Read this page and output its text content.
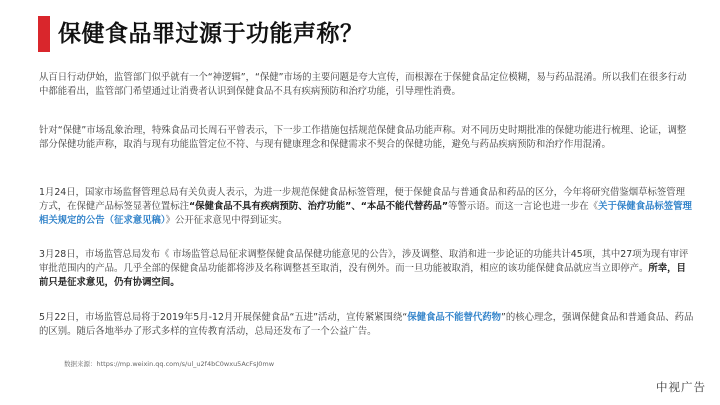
保健食品罪过源于功能声称？

从百日行动伊始，监管部门似乎就有一个“神逻辑”，“保健”市场的主要问题是夸大宣传，而根源在于保健食品定位模糊，易与药品混淆。所以我们在很多行动中都能看出，监管部门希望通过让消费者认识到保健食品不具有疾病预防和治疗功能，引导理性消费。

针对“保健”市场乱象治理，特殊食品司长周石平曾表示，下一步工作措施包括规范保健食品功能声称。对不同历史时期批准的保健功能进行梳理、论证，调整部分保健功能声称，取消与现有功能监管定位不符、与现有健康理念和保健需求不契合的保健功能，避免与药品疾病预防和治疗作用混淆。

1月24日，国家市场监督管理总局有关负责人表示，为进一步规范保健食品标签管理，便于保健食品与普通食品和药品的区分，今年将研究借鉴烟草标签管理方式，在保健产品标签显著位置标注“保健食品不具有疾病预防、治疗功能”、“本品不能代替药品”等警示语。而这一言论也进一步在《关于保健食品标签管理相关规定的公告（征求意见稿）》公开征求意见中得到证实。

3月28日，市场监管总局发布《 市场监管总局征求调整保健食品保健功能意见的公告》，涉及调整、取消和进一步论证的功能共计45项，其中27项为现有审评审批范围内的产品。几乎全部的保健食品功能都将涉及名称调整甚至取消，没有例外。而一旦功能被取消，相应的该功能保健食品就应当立即停产。所幸，目前只是征求意见，仍有协调空间。

5月22日，市场监管总局将于2019年5月-12月开展保健食品“五进”活动，宣传紧紧围绕“保健食品不能替代药物”的核心理念，强调保健食品和普通食品、药品的区别。随后各地举办了形式多样的宣传教育活动，总局还发布了一个公益广告。

数据来源：https://mp.weixin.qq.com/s/ul_u2f4bC0wxu5AcFsJ0mw
中视广告
